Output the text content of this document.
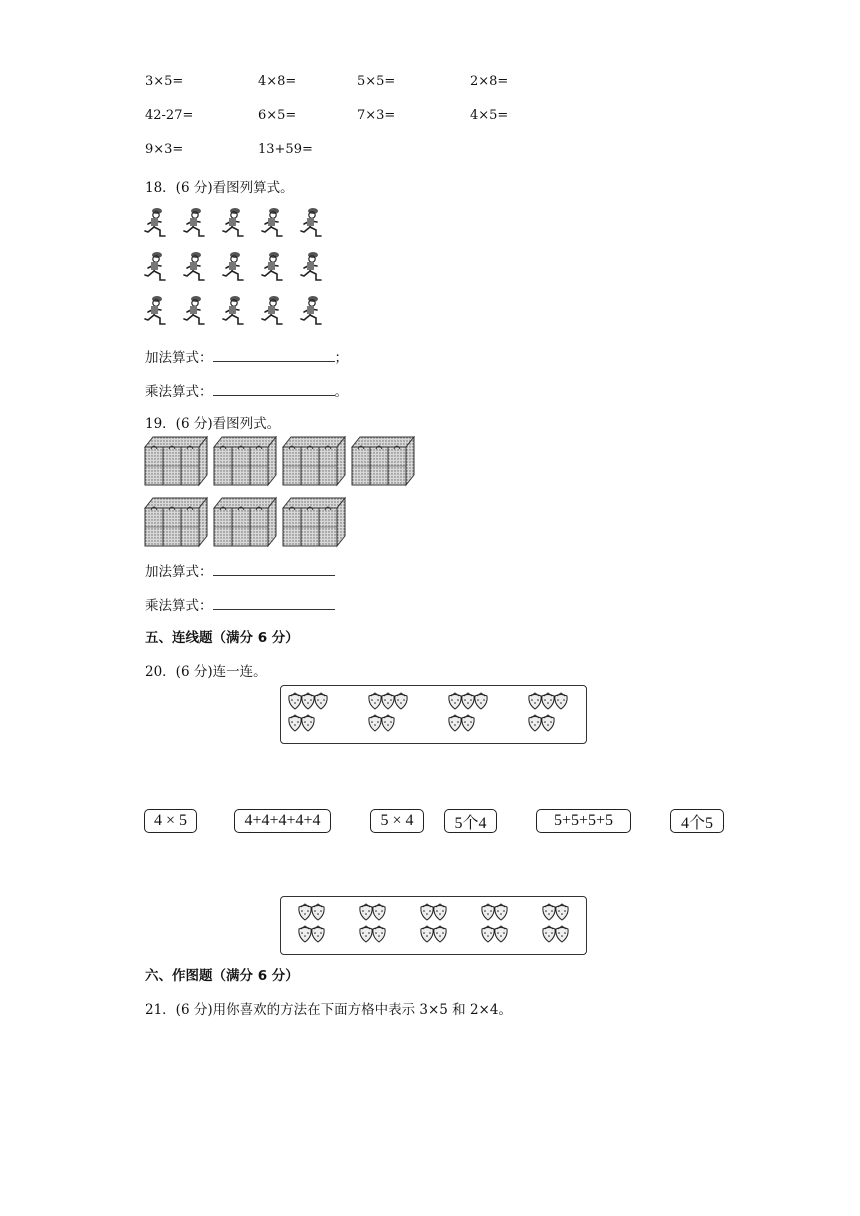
3×5=	4×8=	5×5=	2×8=
42-27=	6×5=	7×3=	4×5=
9×3=	13+59=
18．(6 分)看图列算式。
加法算式：	；
乘法算式：	。
19．(6 分)看图列式。
加法算式：
乘法算式：
五、连线题（满分 6 分）
20．(6 分)连一连。
4 × 5	4+4+4+4+4	5 × 4	5个4	5+5+5+5	4个5
六、作图题（满分 6 分）
21．(6 分)用你喜欢的方法在下面方格中表示 3×5 和 2×4。
